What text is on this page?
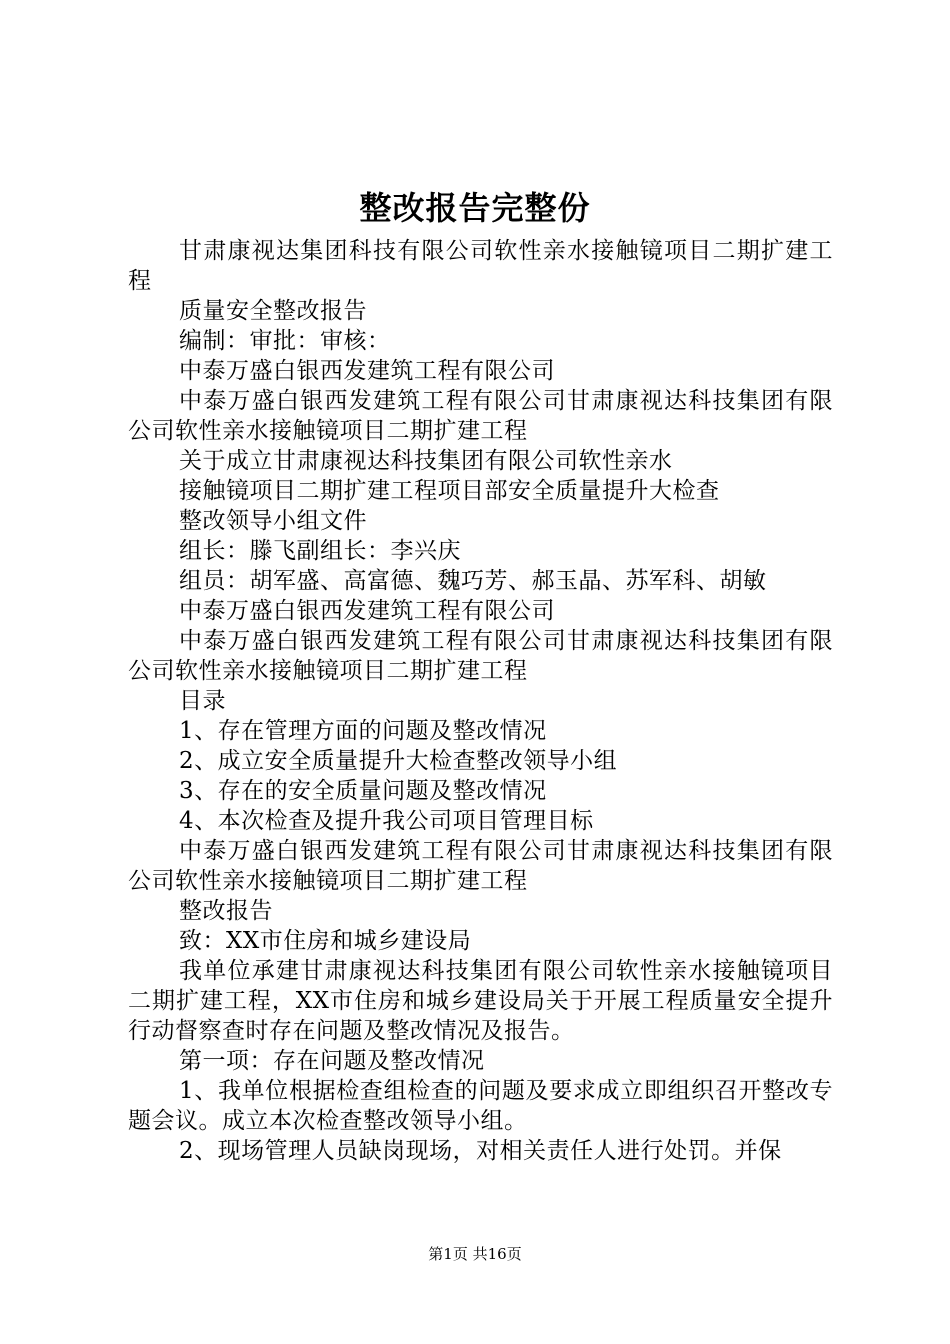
整改报告完整份

甘肃康视达集团科技有限公司软性亲水接触镜项目二期扩建工程

质量安全整改报告

编制：审批：审核：

中泰万盛白银西发建筑工程有限公司

中泰万盛白银西发建筑工程有限公司甘肃康视达科技集团有限公司软性亲水接触镜项目二期扩建工程

关于成立甘肃康视达科技集团有限公司软性亲水

接触镜项目二期扩建工程项目部安全质量提升大检查

整改领导小组文件

组长：滕飞副组长：李兴庆

组员：胡军盛、高富德、魏巧芳、郝玉晶、苏军科、胡敏

中泰万盛白银西发建筑工程有限公司

中泰万盛白银西发建筑工程有限公司甘肃康视达科技集团有限公司软性亲水接触镜项目二期扩建工程

目录

1、存在管理方面的问题及整改情况

2、成立安全质量提升大检查整改领导小组

3、存在的安全质量问题及整改情况

4、本次检查及提升我公司项目管理目标

中泰万盛白银西发建筑工程有限公司甘肃康视达科技集团有限公司软性亲水接触镜项目二期扩建工程

整改报告

致：XX市住房和城乡建设局

我单位承建甘肃康视达科技集团有限公司软性亲水接触镜项目二期扩建工程，XX市住房和城乡建设局关于开展工程质量安全提升行动督察查时存在问题及整改情况及报告。

第一项：存在问题及整改情况

1、我单位根据检查组检查的问题及要求成立即组织召开整改专题会议。成立本次检查整改领导小组。

2、现场管理人员缺岗现场，对相关责任人进行处罚。并保

第1页 共16页
